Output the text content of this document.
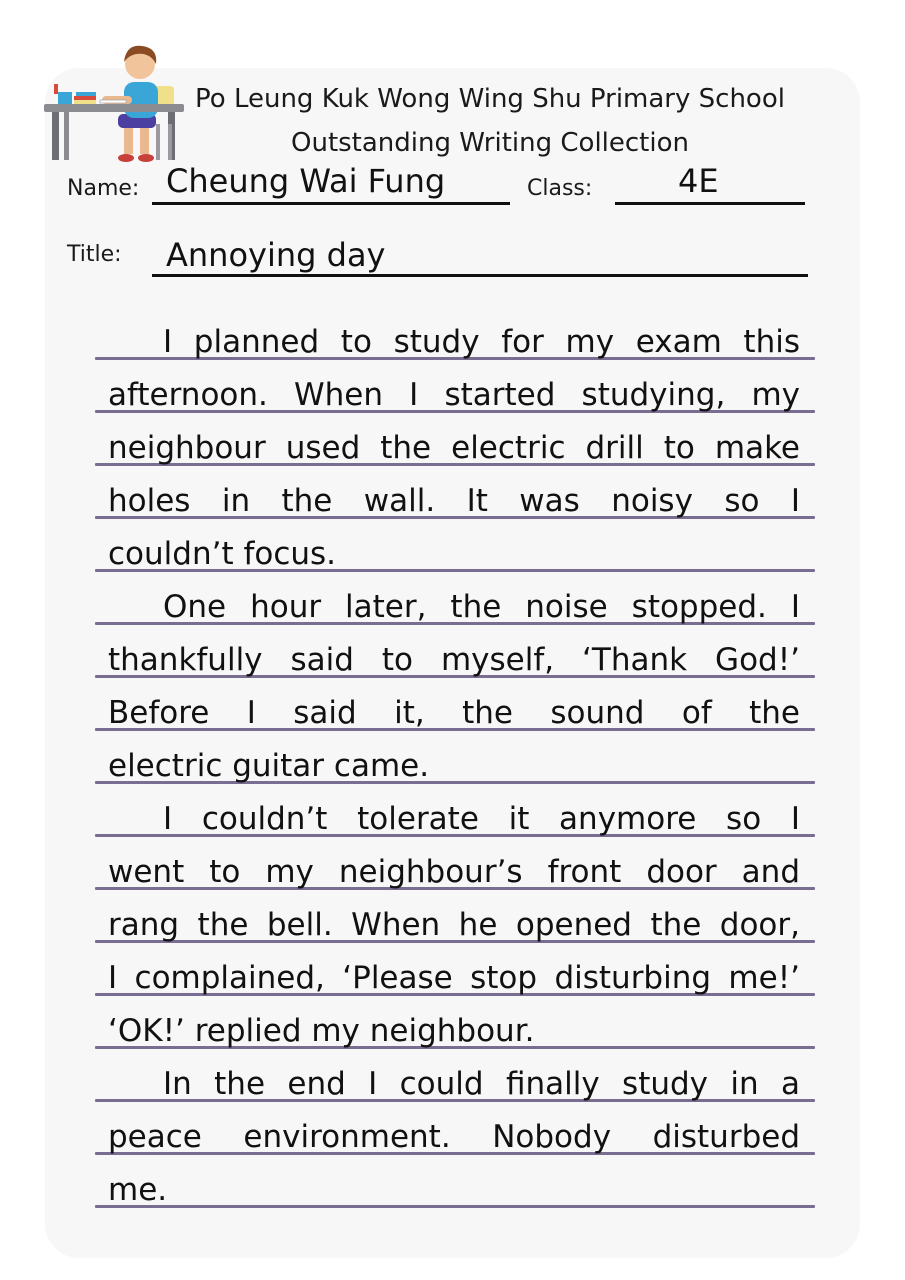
Po Leung Kuk Wong Wing Shu Primary School
Outstanding Writing Collection
Name: Cheung Wai Fung	Class:	4E
Title: Annoying day
I planned to study for my exam this
afternoon. When I started studying, my
neighbour used the electric drill to make
holes in the wall. It was noisy so I
couldn’t focus.
One hour later, the noise stopped. I
thankfully said to myself, ‘Thank God!’
Before I said it, the sound of the
electric guitar came.
I couldn’t tolerate it anymore so I
went to my neighbour’s front door and
rang the bell. When he opened the door,
I complained, ‘Please stop disturbing me!’
‘OK!’ replied my neighbour.
In the end I could finally study in a
peace environment. Nobody disturbed
me.
